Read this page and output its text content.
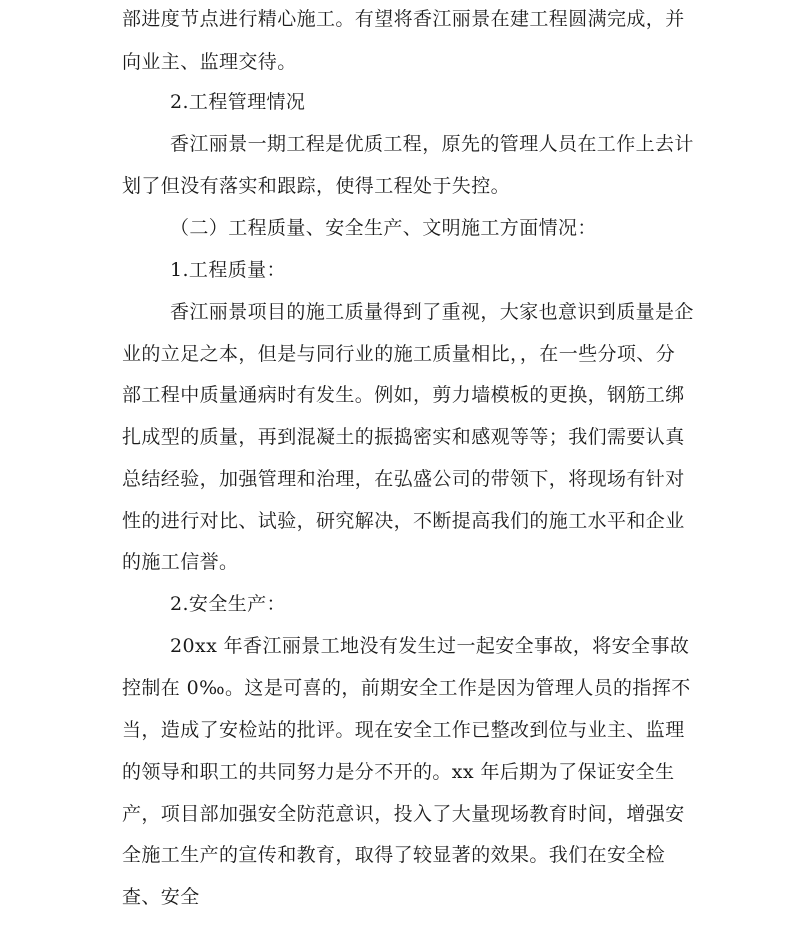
部进度节点进行精心施工。有望将香江丽景在建工程圆满完成，并
向业主、监理交待。
2.工程管理情况
香江丽景一期工程是优质工程，原先的管理人员在工作上去计
划了但没有落实和跟踪，使得工程处于失控。
（二）工程质量、安全生产、文明施工方面情况：
1.工程质量：
香江丽景项目的施工质量得到了重视，大家也意识到质量是企
业的立足之本，但是与同行业的施工质量相比，，在一些分项、分
部工程中质量通病时有发生。例如，剪力墙模板的更换，钢筋工绑
扎成型的质量，再到混凝土的振捣密实和感观等等；我们需要认真
总结经验，加强管理和治理，在弘盛公司的带领下，将现场有针对
性的进行对比、试验，研究解决，不断提高我们的施工水平和企业
的施工信誉。
2.安全生产：
20xx 年香江丽景工地没有发生过一起安全事故，将安全事故
控制在 0‰。这是可喜的，前期安全工作是因为管理人员的指挥不
当，造成了安检站的批评。现在安全工作已整改到位与业主、监理
的领导和职工的共同努力是分不开的。xx 年后期为了保证安全生
产，项目部加强安全防范意识，投入了大量现场教育时间，增强安
全施工生产的宣传和教育，取得了较显著的效果。我们在安全检
查、安全
